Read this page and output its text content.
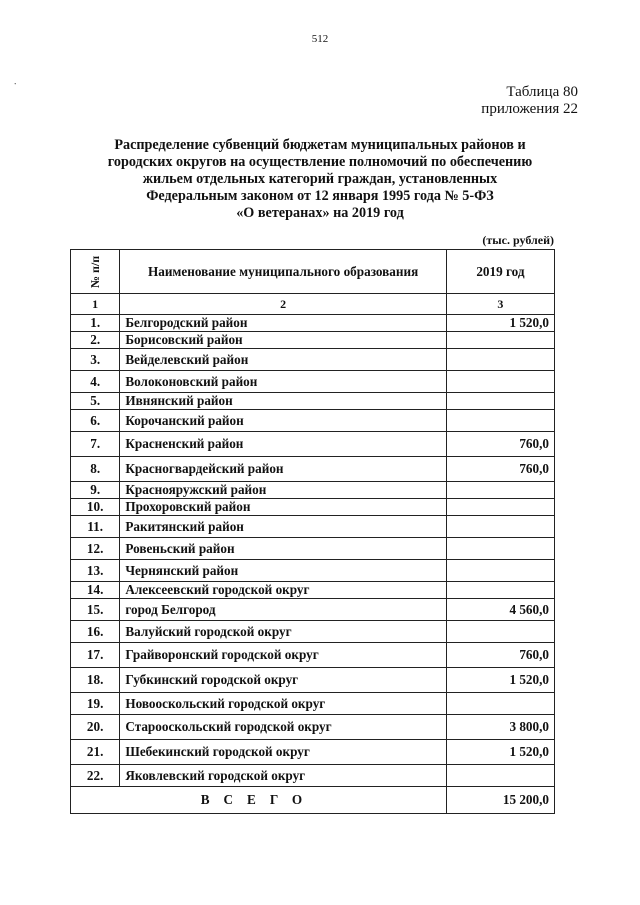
512
Таблица 80
приложения 22
Распределение субвенций бюджетам муниципальных районов и
городских округов на осуществление полномочий по обеспечению
жильем отдельных категорий граждан, установленных
Федеральным законом от 12 января 1995 года № 5-ФЗ
«О ветеранах» на 2019 год
(тыс. рублей)
№ п/п	Наименование муниципального образования	2019 год
1	2	3
1.	Белгородский район	1 520,0
2.	Борисовский район	
3.	Вейделевский район	
4.	Волоконовский район	
5.	Ивнянский район	
6.	Корочанский район	
7.	Красненский район	760,0
8.	Красногвардейский район	760,0
9.	Краснояружский район	
10.	Прохоровский район	
11.	Ракитянский район	
12.	Ровеньский район	
13.	Чернянский район	
14.	Алексеевский городской округ	
15.	город Белгород	4 560,0
16.	Валуйский городской округ	
17.	Грайворонский городской округ	760,0
18.	Губкинский городской округ	1 520,0
19.	Новооскольский городской округ	
20.	Старооскольский городской округ	3 800,0
21.	Шебекинский городской округ	1 520,0
22.	Яковлевский городской округ	
ВСЕГО		15 200,0
∙
